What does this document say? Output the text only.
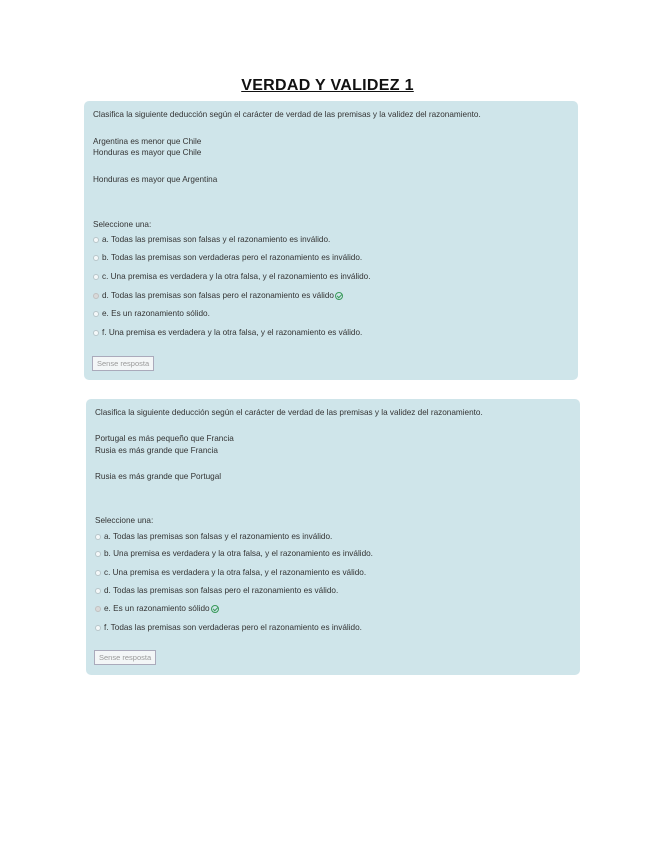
VERDAD Y VALIDEZ 1
Clasifica la siguiente deducción según el carácter de verdad de las premisas y la validez del razonamiento.
Argentina es menor que Chile
Honduras es mayor que Chile
Honduras es mayor que Argentina
Seleccione una:
a. Todas las premisas son falsas y el razonamiento es inválido.
b. Todas las premisas son verdaderas pero el razonamiento es inválido.
c. Una premisa es verdadera y la otra falsa, y el razonamiento es inválido.
d. Todas las premisas son falsas pero el razonamiento es válido
e. Es un razonamiento sólido.
f. Una premisa es verdadera y la otra falsa, y el razonamiento es válido.
Sense resposta
Clasifica la siguiente deducción según el carácter de verdad de las premisas y la validez del razonamiento.
Portugal es más pequeño que Francia
Rusia es más grande que Francia
Rusia es más grande que Portugal
Seleccione una:
a. Todas las premisas son falsas y el razonamiento es inválido.
b. Una premisa es verdadera y la otra falsa, y el razonamiento es inválido.
c. Una premisa es verdadera y la otra falsa, y el razonamiento es válido.
d. Todas las premisas son falsas pero el razonamiento es válido.
e. Es un razonamiento sólido
f. Todas las premisas son verdaderas pero el razonamiento es inválido.
Sense resposta
